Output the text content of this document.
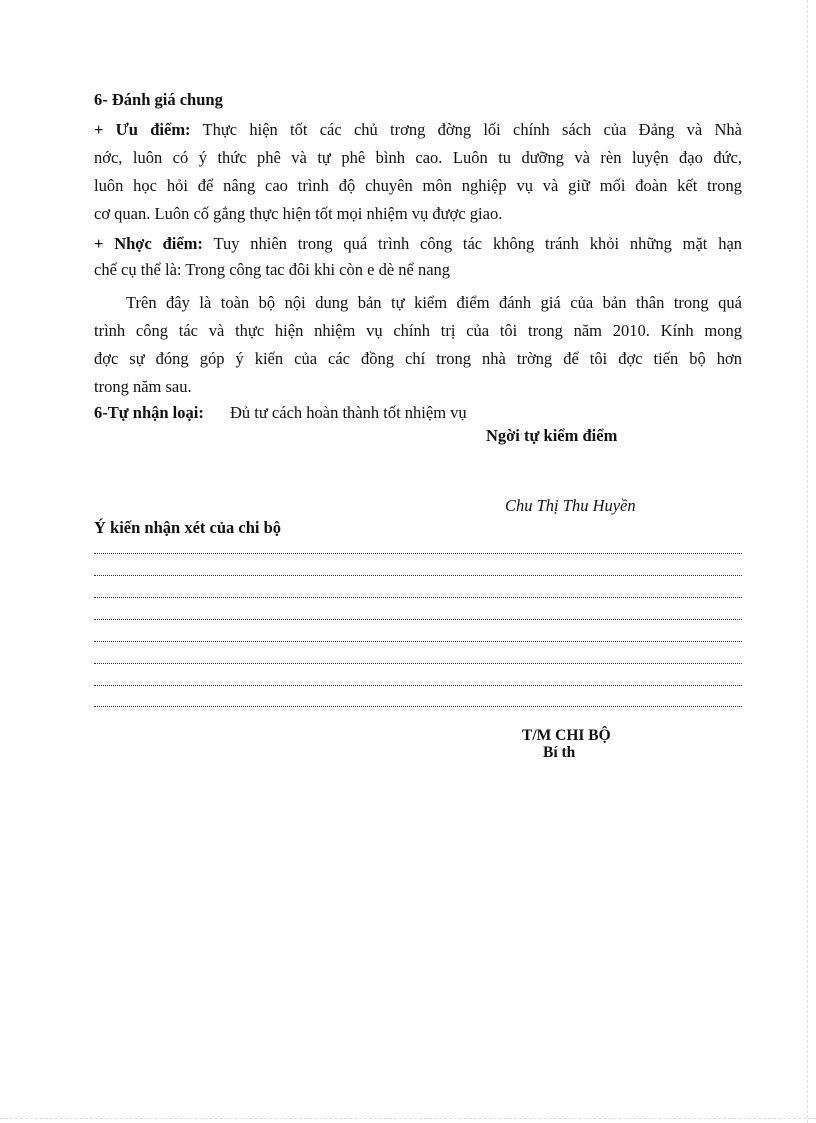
6- Đánh giá chung
+ Ưu điểm: Thực hiện tốt các chủ trơng đờng lối chính sách của Đảng và Nhà
nớc, luôn có ý thức phê và tự phê bình cao. Luôn tu dưỡng và rèn luyện đạo đức,
luôn học hỏi để nâng cao trình độ chuyên môn nghiệp vụ và giữ mối đoàn kết trong
cơ quan. Luôn cố gắng thực hiện tốt mọi nhiệm vụ được giao.
+ Nhợc điểm: Tuy nhiên trong quá trình công tác không tránh khỏi những mặt hạn
chế cụ thể là: Trong công tac đôi khi còn e dè nể nang
Trên đây là toàn bộ nội dung bản tự kiểm điểm đánh giá của bản thân trong quá
trình công tác và thực hiện nhiệm vụ chính trị của tôi trong năm 2010. Kính mong
đợc sự đóng góp ý kiến của các đồng chí trong nhà trờng để tôi đợc tiến bộ hơn
trong năm sau.
6-Tự nhận loại: Đủ tư cách hoàn thành tốt nhiệm vụ
Ngời tự kiểm điểm
Chu Thị Thu Huyền
Ý kiến nhận xét của chi bộ
T/M CHI BỘ
Bí th
